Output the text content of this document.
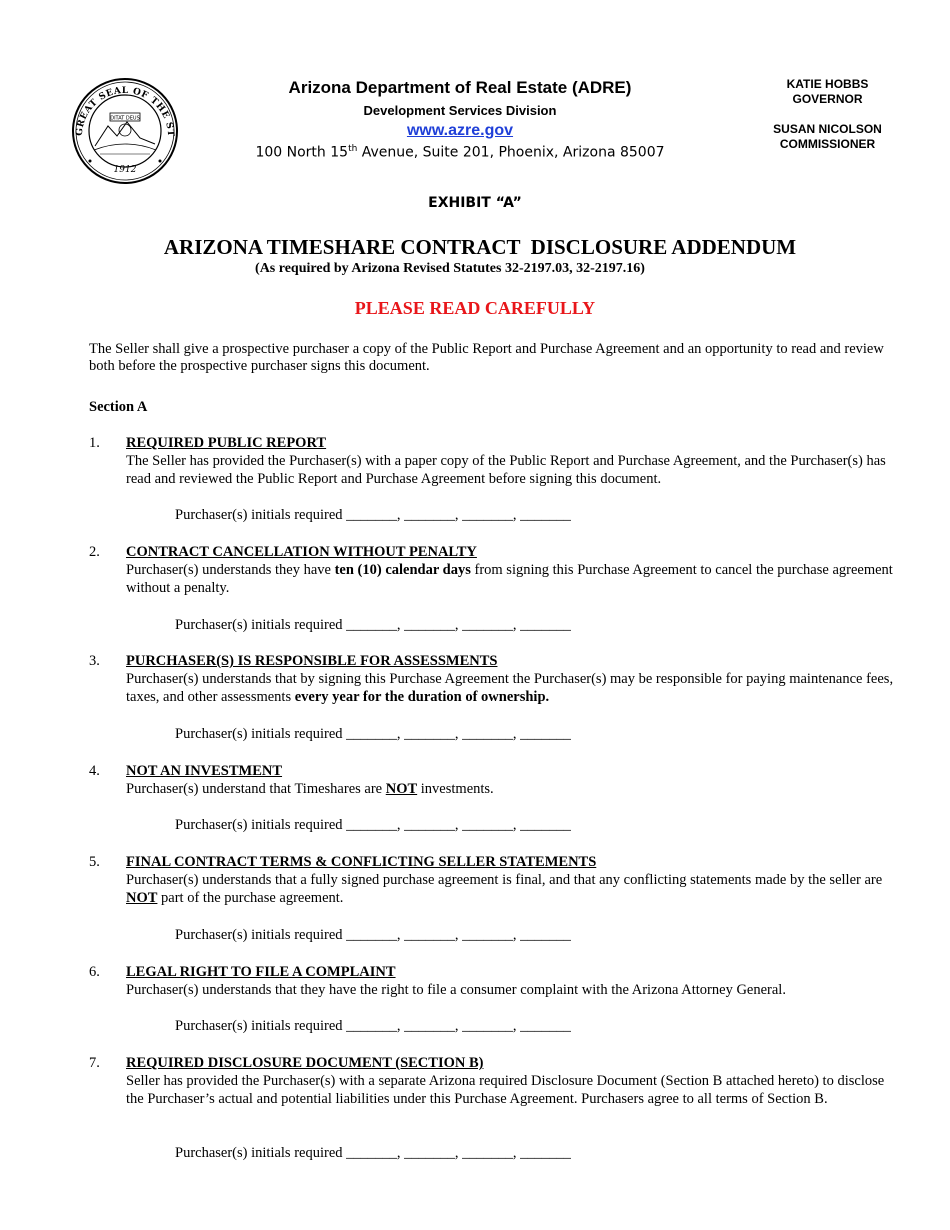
GREAT SEAL OF THE ST
DITAT DEUS
1912
Arizona Department of Real Estate (ADRE)
Development Services Division
www.azre.gov
100 North 15th Avenue, Suite 201, Phoenix, Arizona 85007
KATIE HOBBS
GOVERNOR
SUSAN NICOLSON
COMMISSIONER
EXHIBIT “A”
ARIZONA TIMESHARE CONTRACT  DISCLOSURE ADDENDUM
(As required by Arizona Revised Statutes 32-2197.03, 32-2197.16)
PLEASE READ CAREFULLY
The Seller shall give a prospective purchaser a copy of the Public Report and Purchase Agreement and an opportunity to read and review both before the prospective purchaser signs this document.
Section A
1. REQUIRED PUBLIC REPORT
The Seller has provided the Purchaser(s) with a paper copy of the Public Report and Purchase Agreement, and the Purchaser(s) has read and reviewed the Public Report and Purchase Agreement before signing this document.
Purchaser(s) initials required _______, _______, _______, _______
2. CONTRACT CANCELLATION WITHOUT PENALTY
Purchaser(s) understands they have ten (10) calendar days from signing this Purchase Agreement to cancel the purchase agreement without a penalty.
Purchaser(s) initials required _______, _______, _______, _______
3. PURCHASER(S) IS RESPONSIBLE FOR ASSESSMENTS
Purchaser(s) understands that by signing this Purchase Agreement the Purchaser(s) may be responsible for paying maintenance fees, taxes, and other assessments every year for the duration of ownership.
Purchaser(s) initials required _______, _______, _______, _______
4. NOT AN INVESTMENT
Purchaser(s) understand that Timeshares are NOT investments.
Purchaser(s) initials required _______, _______, _______, _______
5. FINAL CONTRACT TERMS & CONFLICTING SELLER STATEMENTS
Purchaser(s) understands that a fully signed purchase agreement is final, and that any conflicting statements made by the seller are NOT part of the purchase agreement.
Purchaser(s) initials required _______, _______, _______, _______
6. LEGAL RIGHT TO FILE A COMPLAINT
Purchaser(s) understands that they have the right to file a consumer complaint with the Arizona Attorney General.
Purchaser(s) initials required _______, _______, _______, _______
7. REQUIRED DISCLOSURE DOCUMENT (SECTION B)
Seller has provided the Purchaser(s) with a separate Arizona required Disclosure Document (Section B attached hereto) to disclose the Purchaser’s actual and potential liabilities under this Purchase Agreement. Purchasers agree to all terms of Section B.
Purchaser(s) initials required _______, _______, _______, _______
